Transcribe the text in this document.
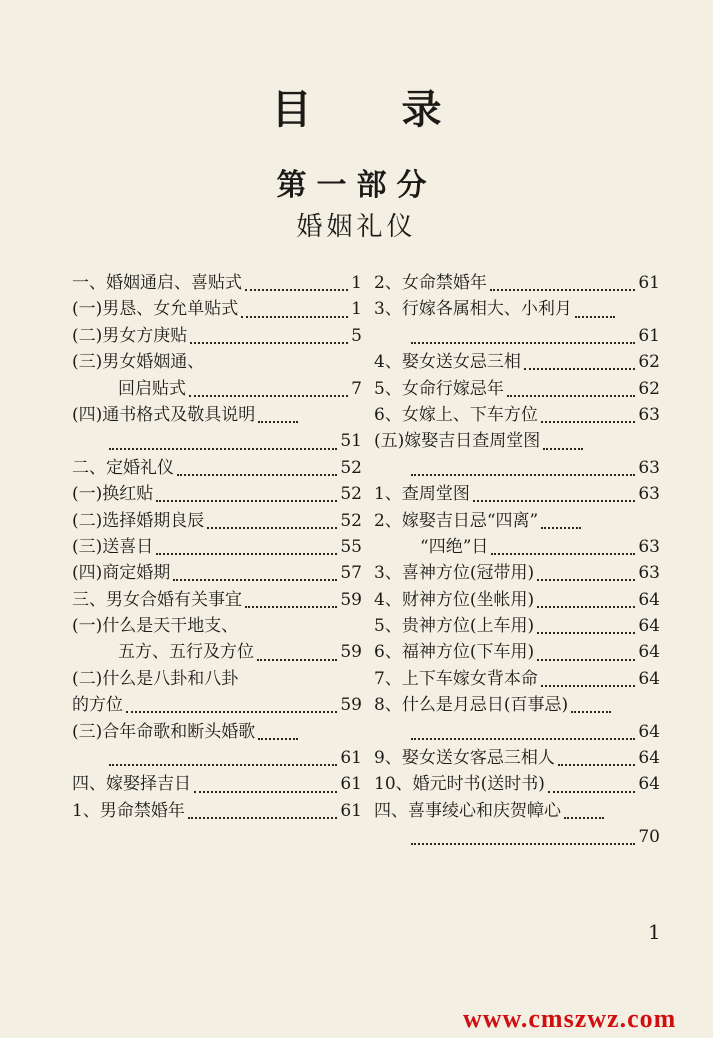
目 录
第一部分
婚姻礼仪
一、婚姻通启、喜贴式	1
(一)男恳、女允单贴式	1
(二)男女方庚贴	5
(三)男女婚姻通、
回启贴式	7
(四)通书格式及敬具说明
51
二、定婚礼仪	52
(一)换红贴	52
(二)选择婚期良辰	52
(三)送喜日	55
(四)商定婚期	57
三、男女合婚有关事宜	59
(一)什么是天干地支、
五方、五行及方位	59
(二)什么是八卦和八卦
的方位	59
(三)合年命歌和断头婚歌
61
四、嫁娶择吉日	61
1、男命禁婚年	61
2、女命禁婚年	61
3、行嫁各属相大、小利月
61
4、娶女送女忌三相	62
5、女命行嫁忌年	62
6、女嫁上、下车方位	63
(五)嫁娶吉日查周堂图
63
1、查周堂图	63
2、嫁娶吉日忌“四离”
“四绝”日	63
3、喜神方位(冠带用)	63
4、财神方位(坐帐用)	64
5、贵神方位(上车用)	64
6、福神方位(下车用)	64
7、上下车嫁女背本命	64
8、什么是月忌日(百事忌)
64
9、娶女送女客忌三相人	64
10、婚元时书(送时书)	64
四、喜事绫心和庆贺幛心
70
1
www.cmszwz.com
